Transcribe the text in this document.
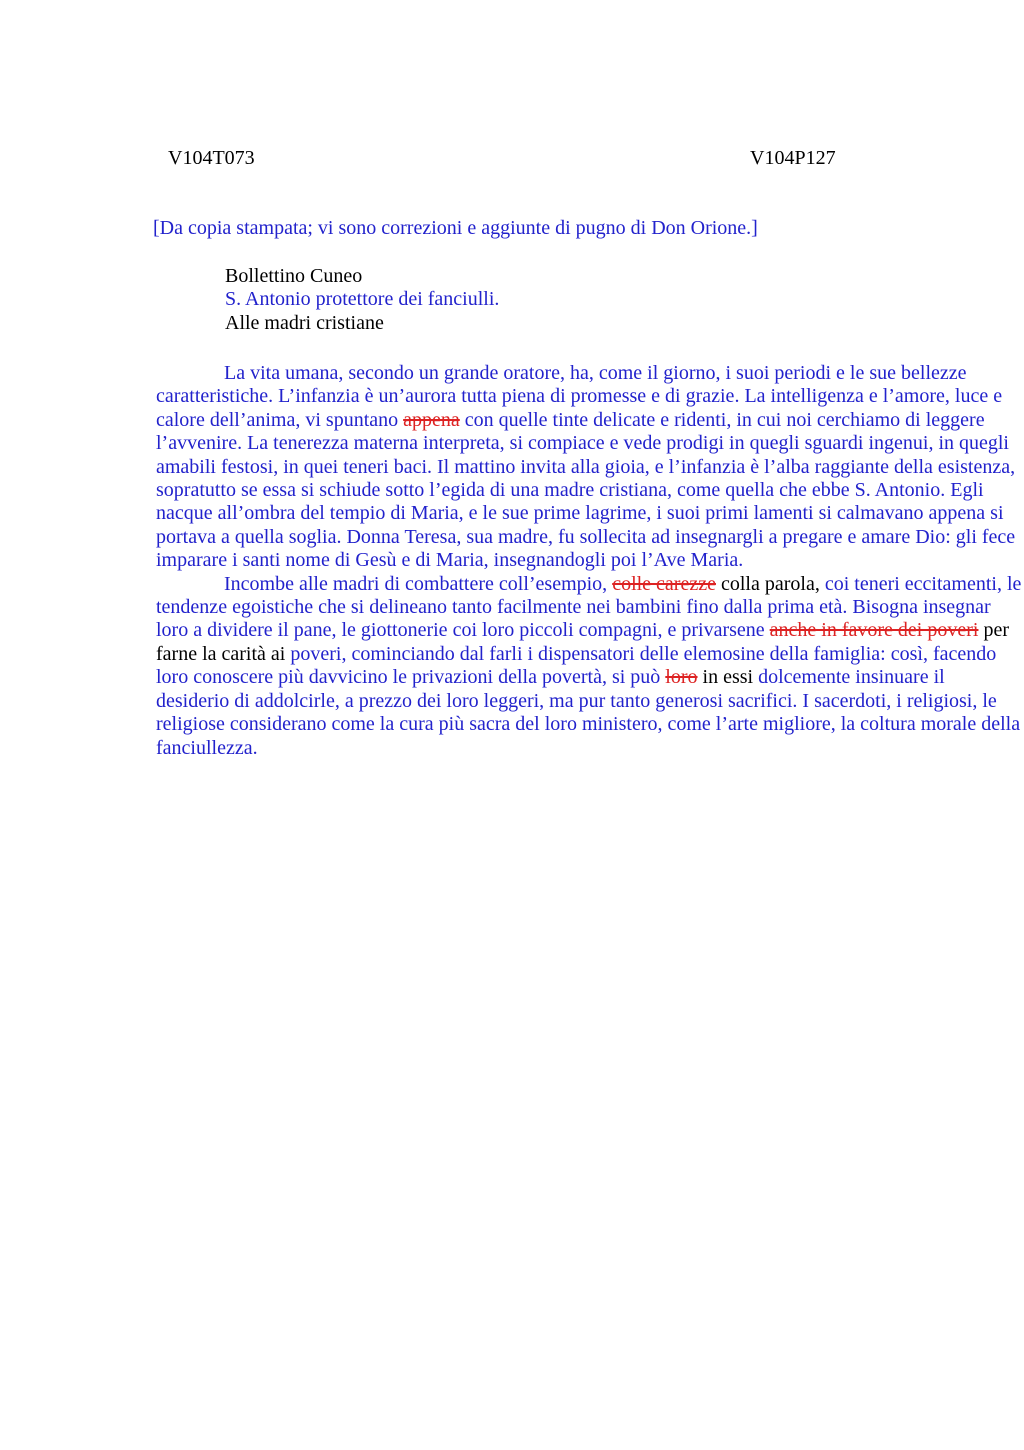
V104T073	V104P127
[Da copia stampata; vi sono correzioni e aggiunte di pugno di Don Orione.]
Bollettino Cuneo
S. Antonio protettore dei fanciulli.
Alle madri cristiane

La vita umana, secondo un grande oratore, ha, come il giorno, i suoi periodi e le sue bellezze caratteristiche. L’infanzia è un’aurora tutta piena di promesse e di grazie. La intelligenza e l’amore, luce e calore dell’anima, vi spuntano appena con quelle tinte delicate e ridenti, in cui noi cerchiamo di leggere l’avvenire. La tenerezza materna interpreta, si compiace e vede prodigi in quegli sguardi ingenui, in quegli amabili festosi, in quei teneri baci. Il mattino invita alla gioia, e l’infanzia è l’alba raggiante della esistenza, sopratutto se essa si schiude sotto l’egida di una madre cristiana, come quella che ebbe S. Antonio. Egli nacque all’ombra del tempio di Maria, e le sue prime lagrime, i suoi primi lamenti si calmavano appena si portava a quella soglia. Donna Teresa, sua madre, fu sollecita ad insegnargli a pregare e amare Dio: gli fece imparare i santi nome di Gesù e di Maria, insegnandogli poi l’Ave Maria.

Incombe alle madri di combattere coll’esempio, colle carezze colla parola, coi teneri eccitamenti, le tendenze egoistiche che si delineano tanto facilmente nei bambini fino dalla prima età. Bisogna insegnar loro a dividere il pane, le giottonerie coi loro piccoli compagni, e privarsene anche in favore dei poveri per farne la carità ai poveri, cominciando dal farli i dispensatori delle elemosine della famiglia: così, facendo loro conoscere più davvicino le privazioni della povertà, si può loro in essi dolcemente insinuare il desiderio di addolcirle, a prezzo dei loro leggeri, ma pur tanto generosi sacrifici. I sacerdoti, i religiosi, le religiose considerano come la cura più sacra del loro ministero, come l’arte migliore, la coltura morale della fanciullezza.
